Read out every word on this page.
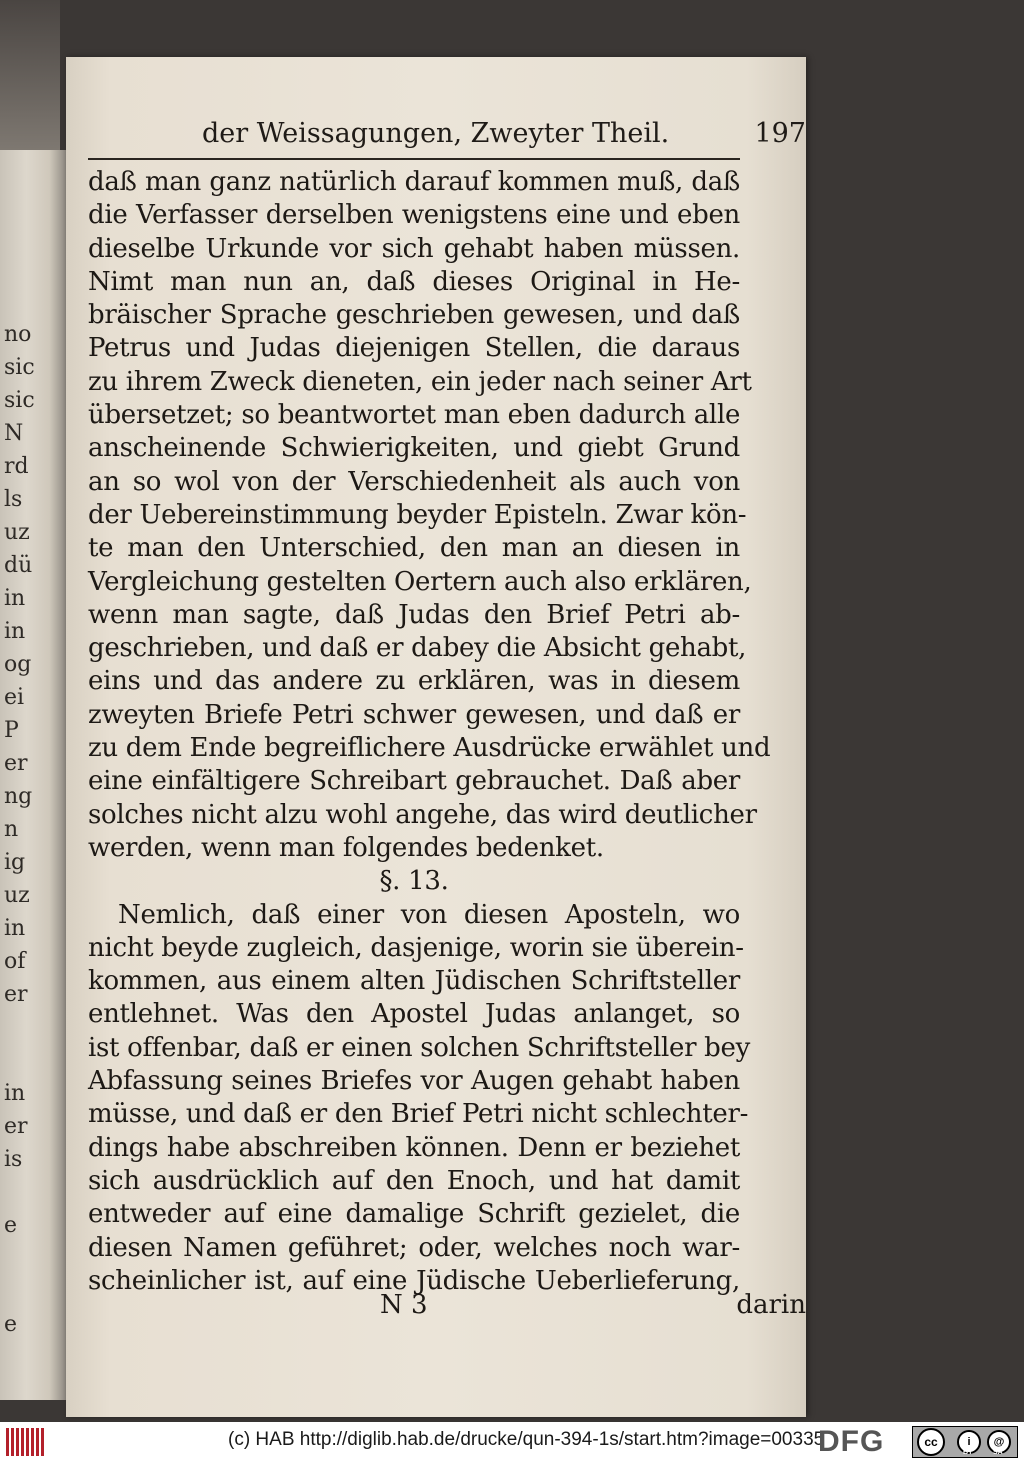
no
sic
sic
N
rd
ls
uz
dü
in
in
og
ei
P
er
ng
n
ig
uz
in
of
er
in
er
is
e
e
der Weissagungen, Zweyter Theil.	197
daß man ganz natürlich darauf kommen muß, daß
die Verfasser derselben wenigstens eine und eben
dieselbe Urkunde vor sich gehabt haben müssen.
Nimt man nun an, daß dieses Original in He-
bräischer Sprache geschrieben gewesen, und daß
Petrus und Judas diejenigen Stellen, die daraus
zu ihrem Zweck dieneten, ein jeder nach seiner Art
übersetzet; so beantwortet man eben dadurch alle
anscheinende Schwierigkeiten, und giebt Grund
an so wol von der Verschiedenheit als auch von
der Uebereinstimmung beyder Episteln. Zwar kön-
te man den Unterschied, den man an diesen in
Vergleichung gestelten Oertern auch also erklären,
wenn man sagte, daß Judas den Brief Petri ab-
geschrieben, und daß er dabey die Absicht gehabt,
eins und das andere zu erklären, was in diesem
zweyten Briefe Petri schwer gewesen, und daß er
zu dem Ende begreiflichere Ausdrücke erwählet und
eine einfältigere Schreibart gebrauchet. Daß aber
solches nicht alzu wohl angehe, das wird deutlicher
werden, wenn man folgendes bedenket.
§. 13.
Nemlich, daß einer von diesen Aposteln, wo
nicht beyde zugleich, dasjenige, worin sie überein-
kommen, aus einem alten Jüdischen Schriftsteller
entlehnet. Was den Apostel Judas anlanget, so
ist offenbar, daß er einen solchen Schriftsteller bey
Abfassung seines Briefes vor Augen gehabt haben
müsse, und daß er den Brief Petri nicht schlechter-
dings habe abschreiben können. Denn er beziehet
sich ausdrücklich auf den Enoch, und hat damit
entweder auf eine damalige Schrift gezielet, die
diesen Namen geführet; oder, welches noch war-
scheinlicher ist, auf eine Jüdische Ueberlieferung,
N 3	darin
(c) HAB http://diglib.hab.de/drucke/qun-394-1s/start.htm?image=00335
DFG	cc	i	@
BY	SA
